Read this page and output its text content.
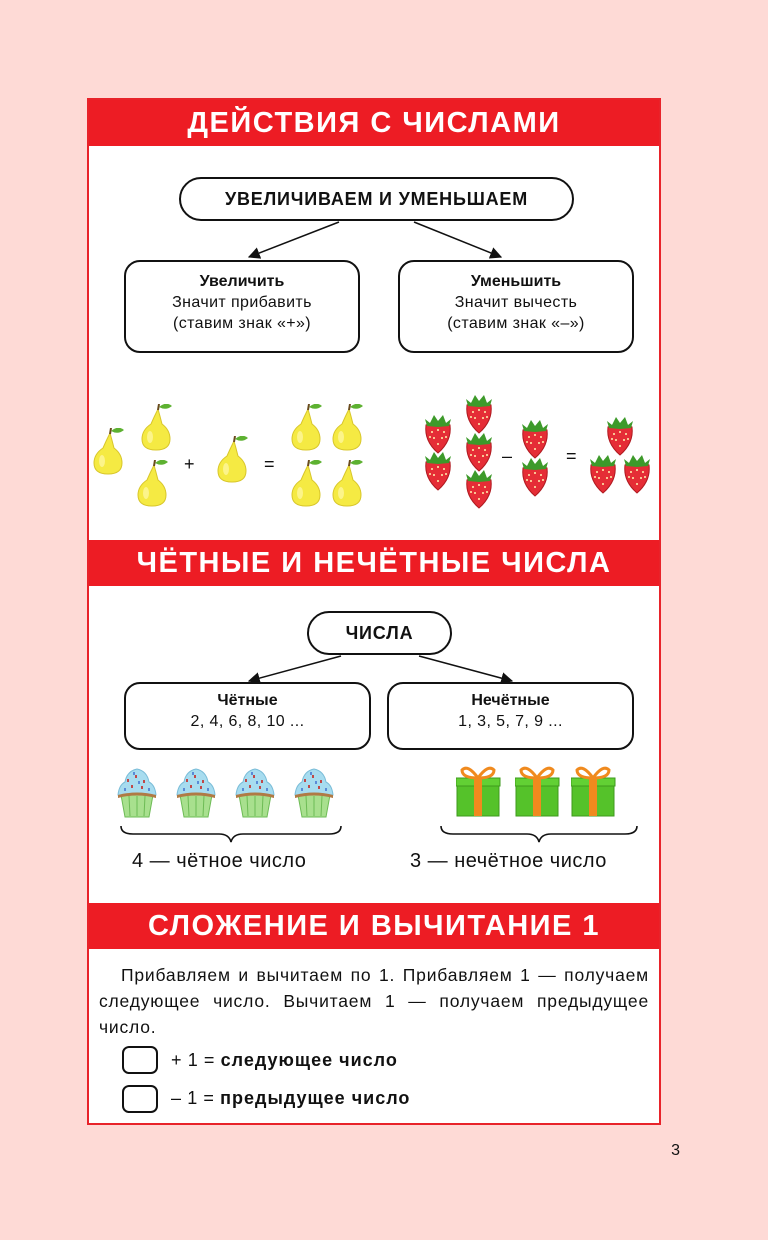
ДЕЙСТВИЯ С ЧИСЛАМИ
УВЕЛИЧИВАЕМ И УМЕНЬШАЕМ
Увеличить
Значит прибавить
(ставим знак «+»)
Уменьшить
Значит вычесть
(ставим знак «–»)
+	=	–	=
ЧЁТНЫЕ И НЕЧЁТНЫЕ ЧИСЛА
ЧИСЛА
Чётные
2, 4, 6, 8, 10 ...
Нечётные
1, 3, 5, 7, 9 ...
4 — чётное число	3 — нечётное число
СЛОЖЕНИЕ И ВЫЧИТАНИЕ 1
Прибавляем и вычитаем по 1. Прибавляем 1 — получаем следующее число. Вычитаем 1 — получаем предыдущее число.
+ 1 = следующее число
– 1 = предыдущее число
3
